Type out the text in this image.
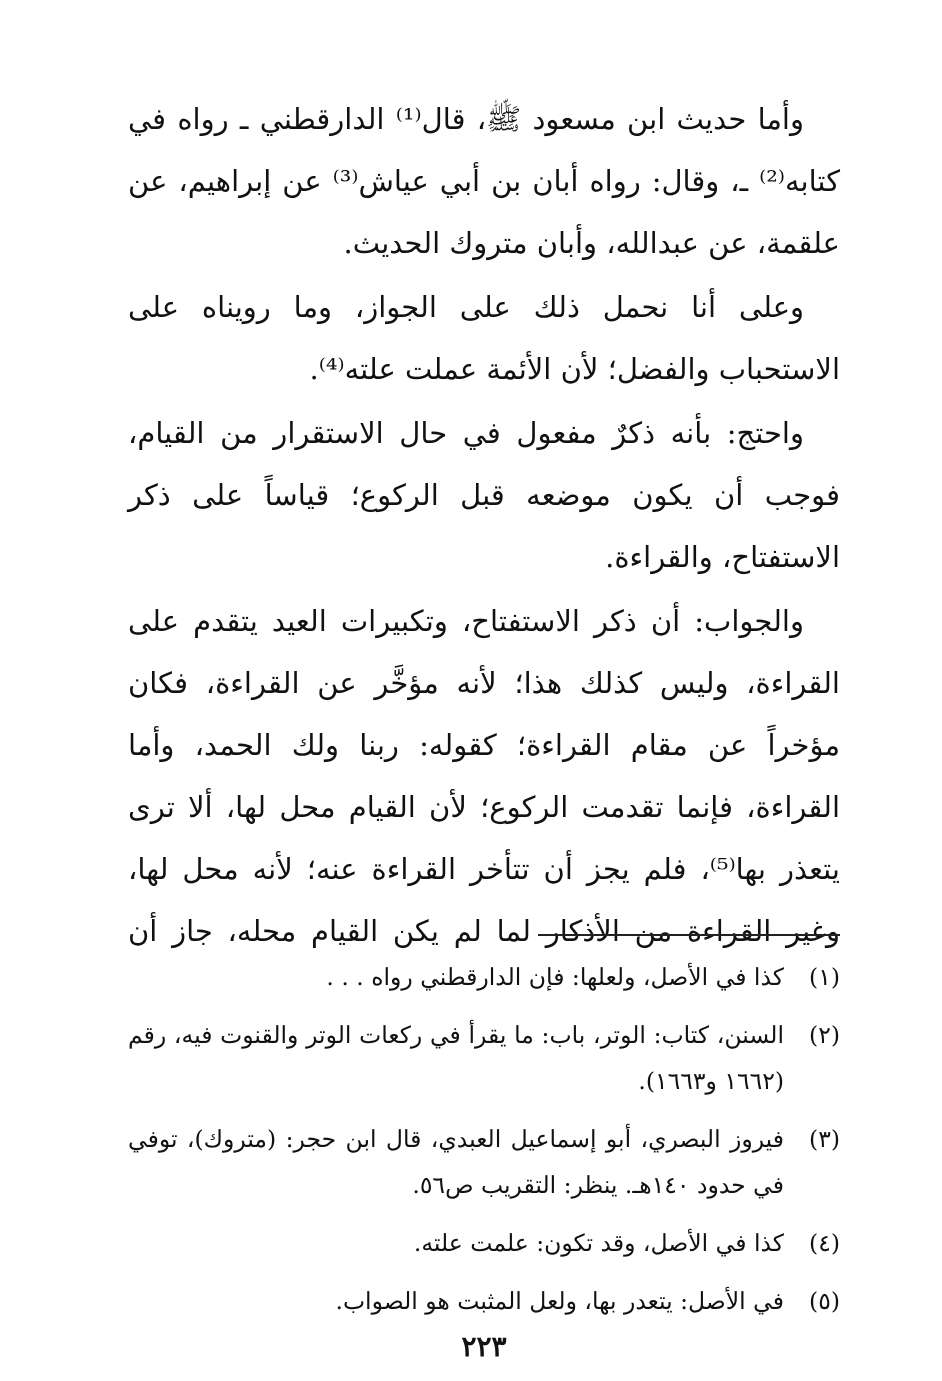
وأما حديث ابن مسعود ﷺ، قال⁽¹⁾ الدارقطني ـ رواه في كتابه⁽²⁾ ـ، وقال: رواه أبان بن أبي عياش⁽³⁾ عن إبراهيم، عن علقمة، عن عبدالله، وأبان متروك الحديث.

وعلى أنا نحمل ذلك على الجواز، وما رويناه على الاستحباب والفضل؛ لأن الأئمة عملت علته⁽⁴⁾.

واحتج: بأنه ذكرٌ مفعول في حال الاستقرار من القيام، فوجب أن يكون موضعه قبل الركوع؛ قياساً على ذكر الاستفتاح، والقراءة.

والجواب: أن ذكر الاستفتاح، وتكبيرات العيد يتقدم على القراءة، وليس كذلك هذا؛ لأنه مؤخَّر عن القراءة، فكان مؤخراً عن مقام القراءة؛ كقوله: ربنا ولك الحمد، وأما القراءة، فإنما تقدمت الركوع؛ لأن القيام محل لها، ألا ترى يتعذر بها⁽⁵⁾، فلم يجز أن تتأخر القراءة عنه؛ لأنه محل لها، وغير القراءة من الأذكار لما لم يكن القيام محله، جاز أن

(١)
كذا في الأصل، ولعلها: فإن الدارقطني رواه . . .
(٢)
السنن، كتاب: الوتر، باب: ما يقرأ في ركعات الوتر والقنوت فيه، رقم (١٦٦٢ و١٦٦٣).
(٣)
فيروز البصري، أبو إسماعيل العبدي، قال ابن حجر: (متروك)، توفي في حدود ١٤٠هـ. ينظر: التقريب ص٥٦.
(٤)
كذا في الأصل، وقد تكون: علمت علته.
(٥)
في الأصل: يتعدر بها، ولعل المثبت هو الصواب.
٢٢٣
